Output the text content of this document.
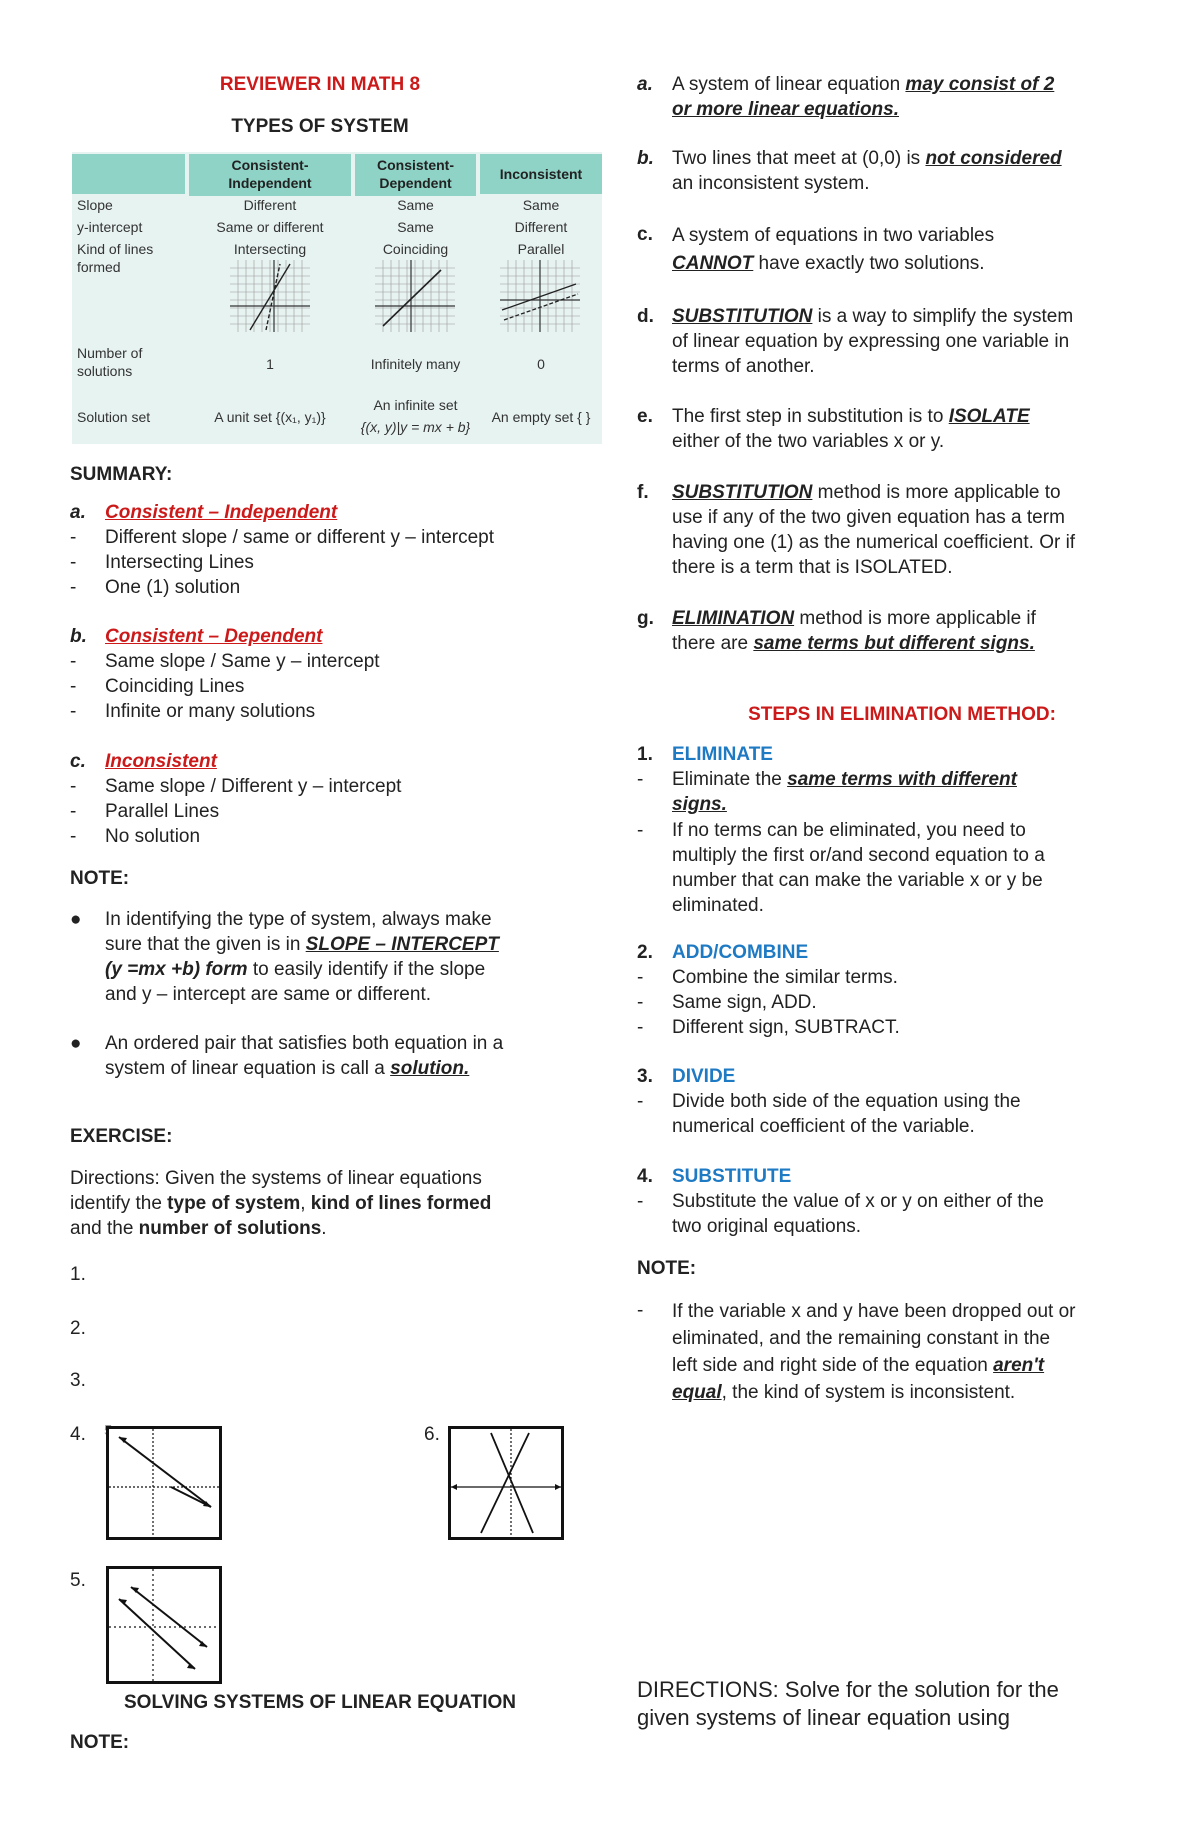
REVIEWER IN MATH 8
TYPES OF SYSTEM
Consistent-
Independent
Consistent-
Dependent
Inconsistent
Slope
y-intercept
Kind of lines
formed
Number of
solutions
Solution set
Different
Same or different
Intersecting
1
A unit set {(x₁, y₁)}
Same
Same
Coinciding
Infinitely many
An infinite set
{(x, y)|y = mx + b}
Same
Different
Parallel
0
An empty set { }
SUMMARY:
a. Consistent – Independent
- Different slope / same or different y – intercept
- Intersecting Lines
- One (1) solution
b. Consistent – Dependent
- Same slope / Same y – intercept
- Coinciding Lines
- Infinite or many solutions
c. Inconsistent
- Same slope / Different y – intercept
- Parallel Lines
- No solution
NOTE:
● In identifying the type of system, always make
sure that the given is in SLOPE – INTERCEPT
(y =mx +b) form to easily identify if the slope
and y – intercept are same or different.
● An ordered pair that satisfies both equation in a
system of linear equation is call a solution.
EXERCISE:
Directions: Given the systems of linear equations
identify the type of system, kind of lines formed
and the number of solutions.
1.
2.
3.
4. 5	6.
5.
SOLVING SYSTEMS OF LINEAR EQUATION
NOTE:
a. A system of linear equation may consist of 2
or more linear equations.
b. Two lines that meet at (0,0) is not considered
an inconsistent system.
c. A system of equations in two variables
CANNOT have exactly two solutions.
d. SUBSTITUTION is a way to simplify the system
of linear equation by expressing one variable in
terms of another.
e. The first step in substitution is to ISOLATE
either of the two variables x or y.
f. SUBSTITUTION method is more applicable to
use if any of the two given equation has a term
having one (1) as the numerical coefficient. Or if
there is a term that is ISOLATED.
g. ELIMINATION method is more applicable if
there are same terms but different signs.
STEPS IN ELIMINATION METHOD:
1. ELIMINATE
- Eliminate the same terms with different
signs.
- If no terms can be eliminated, you need to
multiply the first or/and second equation to a
number that can make the variable x or y be
eliminated.
2. ADD/COMBINE
- Combine the similar terms.
- Same sign, ADD.
- Different sign, SUBTRACT.
3. DIVIDE
- Divide both side of the equation using the
numerical coefficient of the variable.
4. SUBSTITUTE
- Substitute the value of x or y on either of the
two original equations.
NOTE:
- If the variable x and y have been dropped out or
eliminated, and the remaining constant in the
left side and right side of the equation aren't
equal, the kind of system is inconsistent.
DIRECTIONS: Solve for the solution for the
given systems of linear equation using
